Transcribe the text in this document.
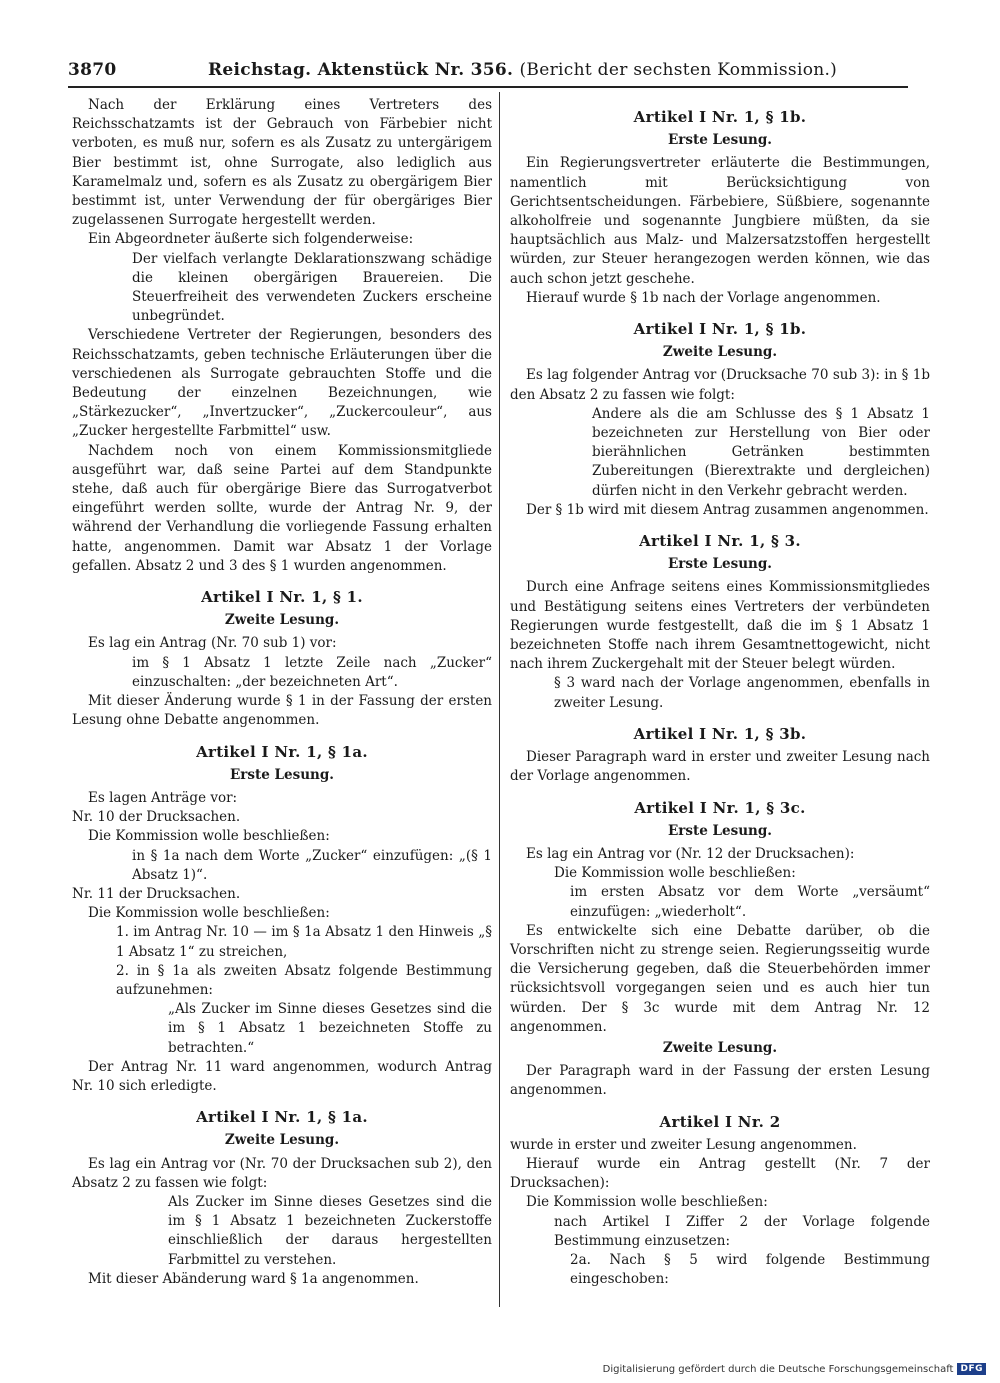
3870	Reichstag. Aktenstück Nr. 356. (Bericht der sechsten Kommission.)
Nach der Erklärung eines Vertreters des Reichsschatzamts ist der Gebrauch von Färbebier nicht verboten, es muß nur, sofern es als Zusatz zu untergärigem Bier bestimmt ist, ohne Surrogate, also lediglich aus Karamelmalz und, sofern es als Zusatz zu obergärigem Bier bestimmt ist, unter Verwendung der für obergäriges Bier zugelassenen Surrogate hergestellt werden.
Ein Abgeordneter äußerte sich folgenderweise:
Der vielfach verlangte Deklarationszwang schädige die kleinen obergärigen Brauereien. Die Steuerfreiheit des verwendeten Zuckers erscheine unbegründet.
Verschiedene Vertreter der Regierungen, besonders des Reichsschatzamts, geben technische Erläuterungen über die verschiedenen als Surrogate gebrauchten Stoffe und die Bedeutung der einzelnen Bezeichnungen, wie „Stärkezucker“, „Invertzucker“, „Zuckercouleur“, aus „Zucker hergestellte Farbmittel“ usw.
Nachdem noch von einem Kommissionsmitgliede ausgeführt war, daß seine Partei auf dem Standpunkte stehe, daß auch für obergärige Biere das Surrogatverbot eingeführt werden sollte, wurde der Antrag Nr. 9, der während der Verhandlung die vorliegende Fassung erhalten hatte, angenommen. Damit war Absatz 1 der Vorlage gefallen. Absatz 2 und 3 des § 1 wurden angenommen.
Artikel I Nr. 1, § 1.
Zweite Lesung.
Es lag ein Antrag (Nr. 70 sub 1) vor:
im § 1 Absatz 1 letzte Zeile nach „Zucker“ einzuschalten: „der bezeichneten Art“.
Mit dieser Änderung wurde § 1 in der Fassung der ersten Lesung ohne Debatte angenommen.
Artikel I Nr. 1, § 1a.
Erste Lesung.
Es lagen Anträge vor:
Nr. 10 der Drucksachen.
Die Kommission wolle beschließen:
in § 1a nach dem Worte „Zucker“ einzufügen: „(§ 1 Absatz 1)“.
Nr. 11 der Drucksachen.
Die Kommission wolle beschließen:
1. im Antrag Nr. 10 — im § 1a Absatz 1 den Hinweis „§ 1 Absatz 1“ zu streichen,
2. in § 1a als zweiten Absatz folgende Bestimmung aufzunehmen:
„Als Zucker im Sinne dieses Gesetzes sind die im § 1 Absatz 1 bezeichneten Stoffe zu betrachten.“
Der Antrag Nr. 11 ward angenommen, wodurch Antrag Nr. 10 sich erledigte.
Artikel I Nr. 1, § 1a.
Zweite Lesung.
Es lag ein Antrag vor (Nr. 70 der Drucksachen sub 2), den Absatz 2 zu fassen wie folgt:
Als Zucker im Sinne dieses Gesetzes sind die im § 1 Absatz 1 bezeichneten Zuckerstoffe einschließlich der daraus hergestellten Farbmittel zu verstehen.
Mit dieser Abänderung ward § 1a angenommen.
Artikel I Nr. 1, § 1b.
Erste Lesung.
Ein Regierungsvertreter erläuterte die Bestimmungen, namentlich mit Berücksichtigung von Gerichtsentscheidungen. Färbebiere, Süßbiere, sogenannte alkoholfreie und sogenannte Jungbiere müßten, da sie hauptsächlich aus Malz- und Malzersatzstoffen hergestellt würden, zur Steuer herangezogen werden können, wie das auch schon jetzt geschehe.
Hierauf wurde § 1b nach der Vorlage angenommen.
Artikel I Nr. 1, § 1b.
Zweite Lesung.
Es lag folgender Antrag vor (Drucksache 70 sub 3): in § 1b den Absatz 2 zu fassen wie folgt:
Andere als die am Schlusse des § 1 Absatz 1 bezeichneten zur Herstellung von Bier oder bierähnlichen Getränken bestimmten Zubereitungen (Bierextrakte und dergleichen) dürfen nicht in den Verkehr gebracht werden.
Der § 1b wird mit diesem Antrag zusammen angenommen.
Artikel I Nr. 1, § 3.
Erste Lesung.
Durch eine Anfrage seitens eines Kommissionsmitgliedes und Bestätigung seitens eines Vertreters der verbündeten Regierungen wurde festgestellt, daß die im § 1 Absatz 1 bezeichneten Stoffe nach ihrem Gesamtnettogewicht, nicht nach ihrem Zuckergehalt mit der Steuer belegt würden.
§ 3 ward nach der Vorlage angenommen, ebenfalls in zweiter Lesung.
Artikel I Nr. 1, § 3b.
Dieser Paragraph ward in erster und zweiter Lesung nach der Vorlage angenommen.
Artikel I Nr. 1, § 3c.
Erste Lesung.
Es lag ein Antrag vor (Nr. 12 der Drucksachen):
Die Kommission wolle beschließen:
im ersten Absatz vor dem Worte „versäumt“ einzufügen: „wiederholt“.
Es entwickelte sich eine Debatte darüber, ob die Vorschriften nicht zu strenge seien. Regierungsseitig wurde die Versicherung gegeben, daß die Steuerbehörden immer rücksichtsvoll vorgegangen seien und es auch hier tun würden. Der § 3c wurde mit dem Antrag Nr. 12 angenommen.
Zweite Lesung.
Der Paragraph ward in der Fassung der ersten Lesung angenommen.
Artikel I Nr. 2
wurde in erster und zweiter Lesung angenommen.
Hierauf wurde ein Antrag gestellt (Nr. 7 der Drucksachen):
Die Kommission wolle beschließen:
nach Artikel I Ziffer 2 der Vorlage folgende Bestimmung einzusetzen:
2a. Nach § 5 wird folgende Bestimmung eingeschoben:
Digitalisierung gefördert durch die Deutsche Forschungsgemeinschaft DFG
